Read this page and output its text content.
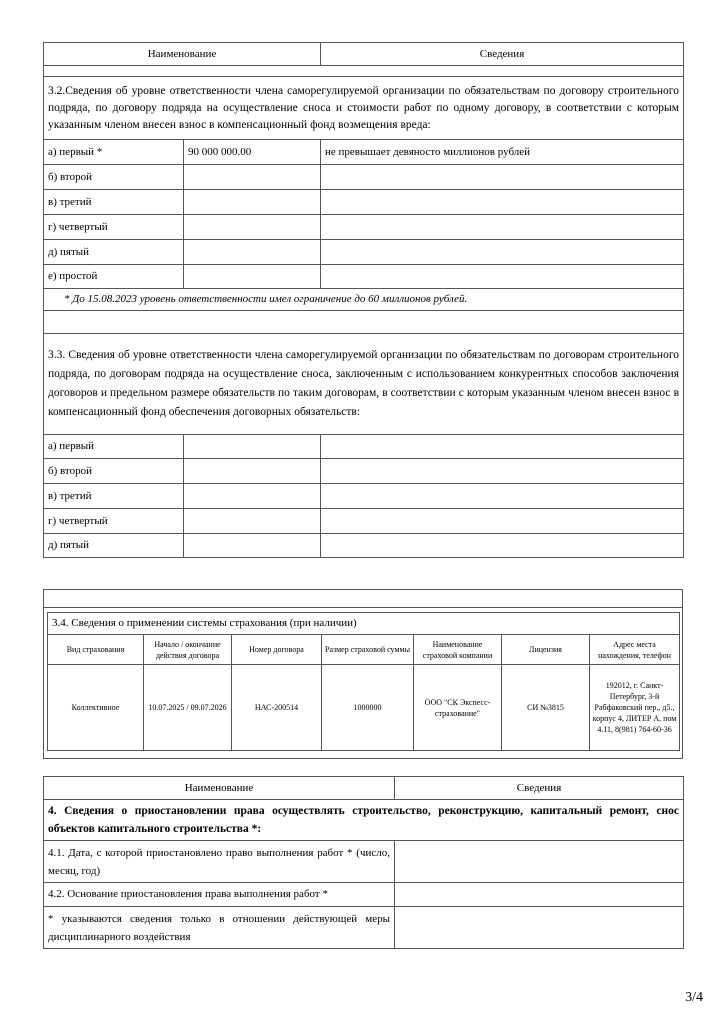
Наименование		Сведения

3.2.Сведения об уровне ответственности члена саморегулируемой организации по обязательствам по договору строительного подряда, по договору подряда на осуществление сноса и стоимости работ по одному договору, в соответствии с которым указанным членом внесен взнос в компенсационный фонд возмещения вреда:		
а) первый *	90 000 000.00	не превышает девяносто миллионов рублей
б) второй		
в) третий		
г) четвертый		
д) пятый		
е) простой		
* До 15.08.2023 уровень ответственности имел ограничение до 60 миллионов рублей.		

3.3. Сведения об уровне ответственности члена саморегулируемой организации по обязательствам по договорам строительного подряда, по договорам подряда на осуществление сноса, заключенным с использованием конкурентных способов заключения договоров и предельном размере обязательств по таким договорам, в соответствии с которым указанным членом внесен взнос в компенсационный фонд обеспечения договорных обязательств:		
а) первый		
б) второй		
в) третий		
г) четвертый		
д) пятый		
3.4. Сведения о применении системы страхования (при наличии)						
Вид страхования	Начало / окончание действия договора	Номер договора	Размер страховой суммы	Наименование страховой компании	Лицензия	Адрес места нахождения, телефон
Коллективное	10.07.2025 / 09.07.2026	НАС-200514	1000000	ООО "СК Экспесс-страхование"	СИ №3815	192012, г. Санкт-Петербург, 3-й Рабфаковский пер., д5., корпус 4, ЛИТЕР А, пом 4.11, 8(981) 764-60-36
Наименование	Сведения
4. Сведения о приостановлении права осуществлять строительство, реконструкцию, капитальный ремонт, снос объектов капитального строительства *:	
4.1. Дата, с которой приостановлено право выполнения работ * (число, месяц, год)	
4.2. Основание приостановления права выполнения работ *	
* указываются сведения только в отношении действующей меры дисциплинарного воздействия	
3/4
